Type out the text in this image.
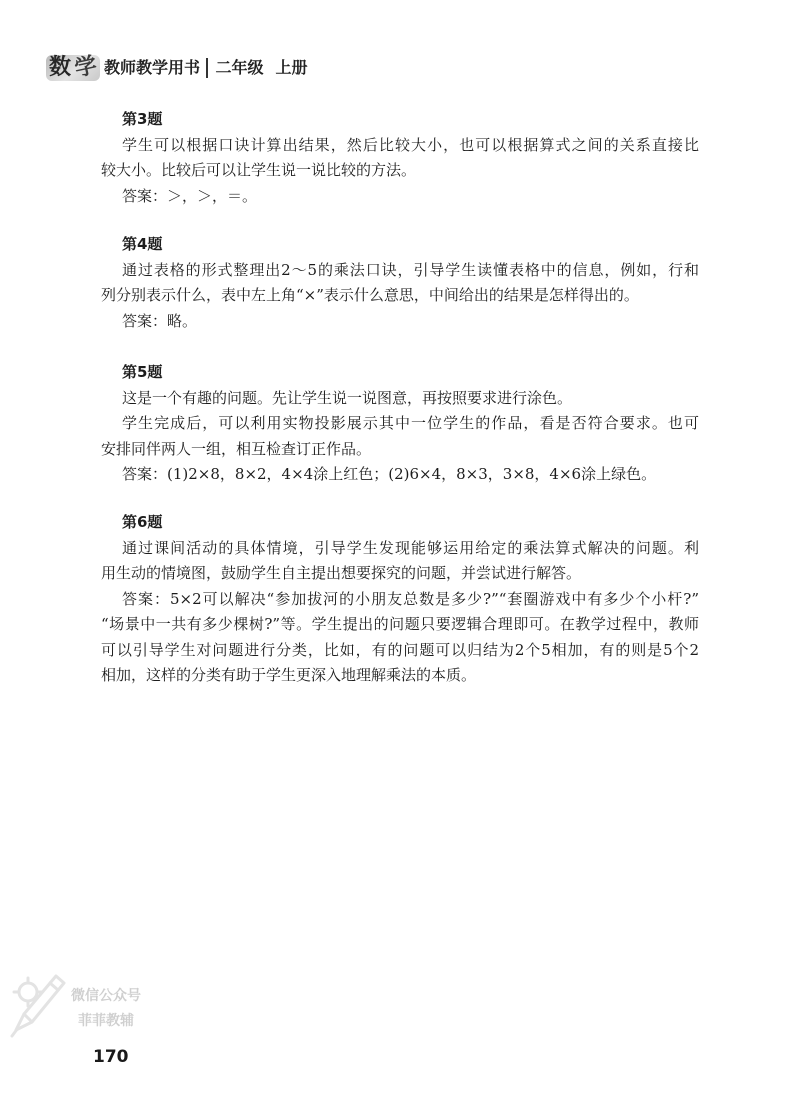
数 学 教师教学用书 二年级 上册
第3题
学生可以根据口诀计算出结果，然后比较大小，也可以根据算式之间的关系直接比
较大小。比较后可以让学生说一说比较的方法。
答案：＞，＞，＝。
第4题
通过表格的形式整理出2～5的乘法口诀，引导学生读懂表格中的信息，例如，行和
列分别表示什么，表中左上角“×”表示什么意思，中间给出的结果是怎样得出的。
答案：略。
第5题
这是一个有趣的问题。先让学生说一说图意，再按照要求进行涂色。
学生完成后，可以利用实物投影展示其中一位学生的作品，看是否符合要求。也可
安排同伴两人一组，相互检查订正作品。
答案：(1)2×8，8×2，4×4涂上红色；(2)6×4，8×3，3×8，4×6涂上绿色。
第6题
通过课间活动的具体情境，引导学生发现能够运用给定的乘法算式解决的问题。利
用生动的情境图，鼓励学生自主提出想要探究的问题，并尝试进行解答。
答案：5×2可以解决“参加拔河的小朋友总数是多少?”“套圈游戏中有多少个小杆?”
“场景中一共有多少棵树?”等。学生提出的问题只要逻辑合理即可。在教学过程中，教师
可以引导学生对问题进行分类，比如，有的问题可以归结为2个5相加，有的则是5个2
相加，这样的分类有助于学生更深入地理解乘法的本质。
微信公众号
菲菲教辅
170
